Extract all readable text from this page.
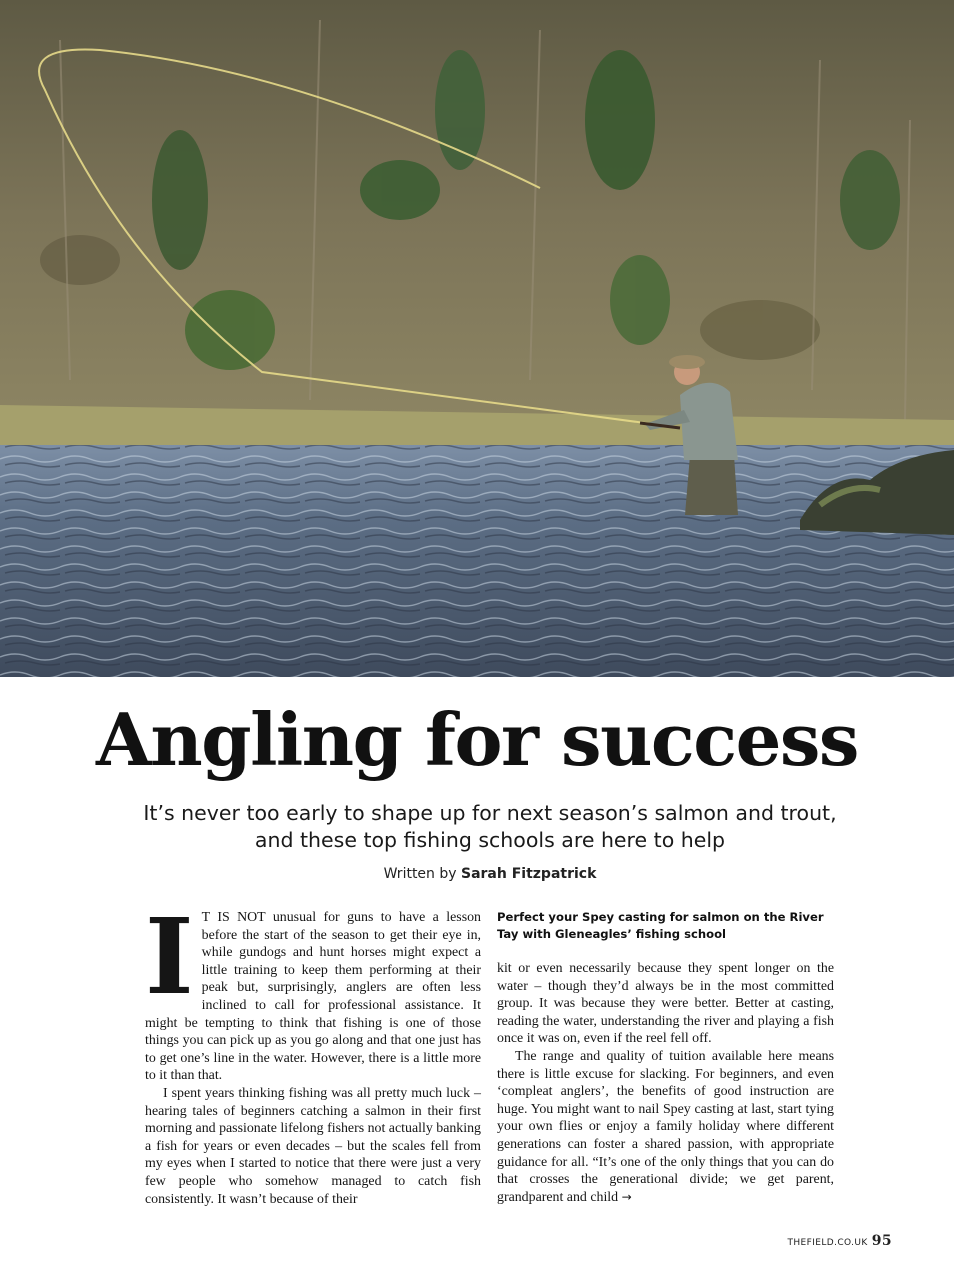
Angling for success
It’s never too early to shape up for next season’s salmon and trout, and these top fishing schools are here to help
Written by Sarah Fitzpatrick

I T IS NOT unusual for guns to have a lesson before the start of the season to get their eye in, while gundogs and hunt horses might expect a little training to keep them performing at their peak but, surprisingly, anglers are often less inclined to call for professional assistance. It might be tempting to think that fishing is one of those things you can pick up as you go along and that one just has to get one’s line in the water. However, there is a little more to it than that.

I spent years thinking fishing was all pretty much luck – hearing tales of beginners catching a salmon in their first morning and passionate lifelong fishers not actually banking a fish for years or even decades – but the scales fell from my eyes when I started to notice that there were just a very few people who somehow managed to catch fish consistently. It wasn’t because of their

Perfect your Spey casting for salmon on the River Tay with Gleneagles’ fishing school

kit or even necessarily because they spent longer on the water – though they’d always be in the most committed group. It was because they were better. Better at casting, reading the water, understanding the river and playing a fish once it was on, even if the reel fell off.

The range and quality of tuition available here means there is little excuse for slacking. For beginners, and even ‘compleat anglers’, the benefits of good instruction are huge. You might want to nail Spey casting at last, start tying your own flies or enjoy a family holiday where different generations can foster a shared passion, with appropriate guidance for all. “It’s one of the only things that you can do that crosses the generational divide; we get parent, grandparent and child →

THEFIELD.CO.UK 95
